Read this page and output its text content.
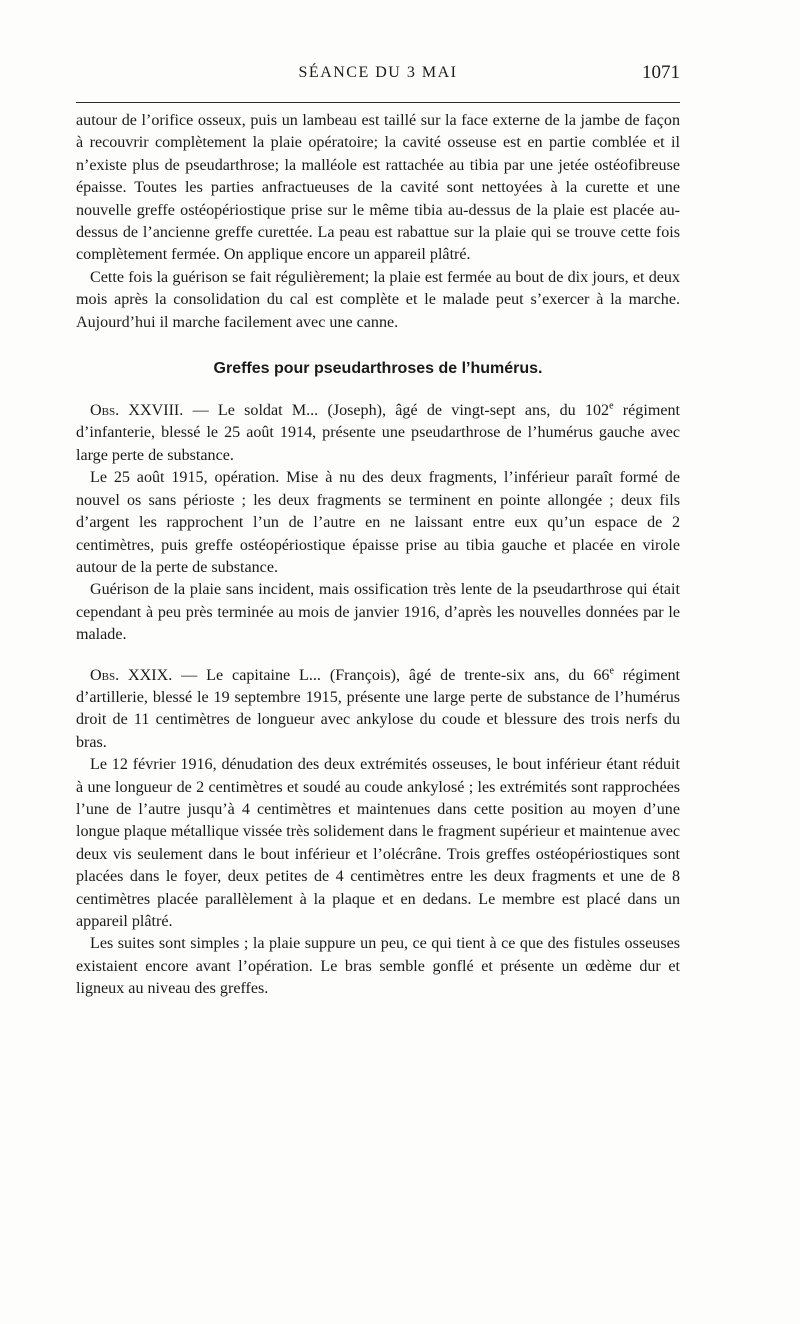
SÉANCE DU 3 MAI	1071

autour de l’orifice osseux, puis un lambeau est taillé sur la face externe de la jambe de façon à recouvrir complètement la plaie opératoire; la cavité osseuse est en partie comblée et il n’existe plus de pseudarthrose; la malléole est rattachée au tibia par une jetée ostéofibreuse épaisse. Toutes les parties anfractueuses de la cavité sont nettoyées à la curette et une nouvelle greffe ostéopériostique prise sur le même tibia au-dessus de la plaie est placée au-dessus de l’ancienne greffe curettée. La peau est rabattue sur la plaie qui se trouve cette fois complètement fermée. On applique encore un appareil plâtré.

Cette fois la guérison se fait régulièrement; la plaie est fermée au bout de dix jours, et deux mois après la consolidation du cal est complète et le malade peut s’exercer à la marche. Aujourd’hui il marche facilement avec une canne.

Greffes pour pseudarthroses de l’humérus.

Obs. XXVIII. — Le soldat M... (Joseph), âgé de vingt-sept ans, du 102e régiment d’infanterie, blessé le 25 août 1914, présente une pseudarthrose de l’humérus gauche avec large perte de substance.

Le 25 août 1915, opération. Mise à nu des deux fragments, l’inférieur paraît formé de nouvel os sans périoste ; les deux fragments se terminent en pointe allongée ; deux fils d’argent les rapprochent l’un de l’autre en ne laissant entre eux qu’un espace de 2 centimètres, puis greffe ostéopériostique épaisse prise au tibia gauche et placée en virole autour de la perte de substance.

Guérison de la plaie sans incident, mais ossification très lente de la pseudarthrose qui était cependant à peu près terminée au mois de janvier 1916, d’après les nouvelles données par le malade.

Obs. XXIX. — Le capitaine L... (François), âgé de trente-six ans, du 66e régiment d’artillerie, blessé le 19 septembre 1915, présente une large perte de substance de l’humérus droit de 11 centimètres de longueur avec ankylose du coude et blessure des trois nerfs du bras.

Le 12 février 1916, dénudation des deux extrémités osseuses, le bout inférieur étant réduit à une longueur de 2 centimètres et soudé au coude ankylosé ; les extrémités sont rapprochées l’une de l’autre jusqu’à 4 centimètres et maintenues dans cette position au moyen d’une longue plaque métallique vissée très solidement dans le fragment supérieur et maintenue avec deux vis seulement dans le bout inférieur et l’olécrâne. Trois greffes ostéopériostiques sont placées dans le foyer, deux petites de 4 centimètres entre les deux fragments et une de 8 centimètres placée parallèlement à la plaque et en dedans. Le membre est placé dans un appareil plâtré.

Les suites sont simples ; la plaie suppure un peu, ce qui tient à ce que des fistules osseuses existaient encore avant l’opération. Le bras semble gonflé et présente un œdème dur et ligneux au niveau des greffes.
